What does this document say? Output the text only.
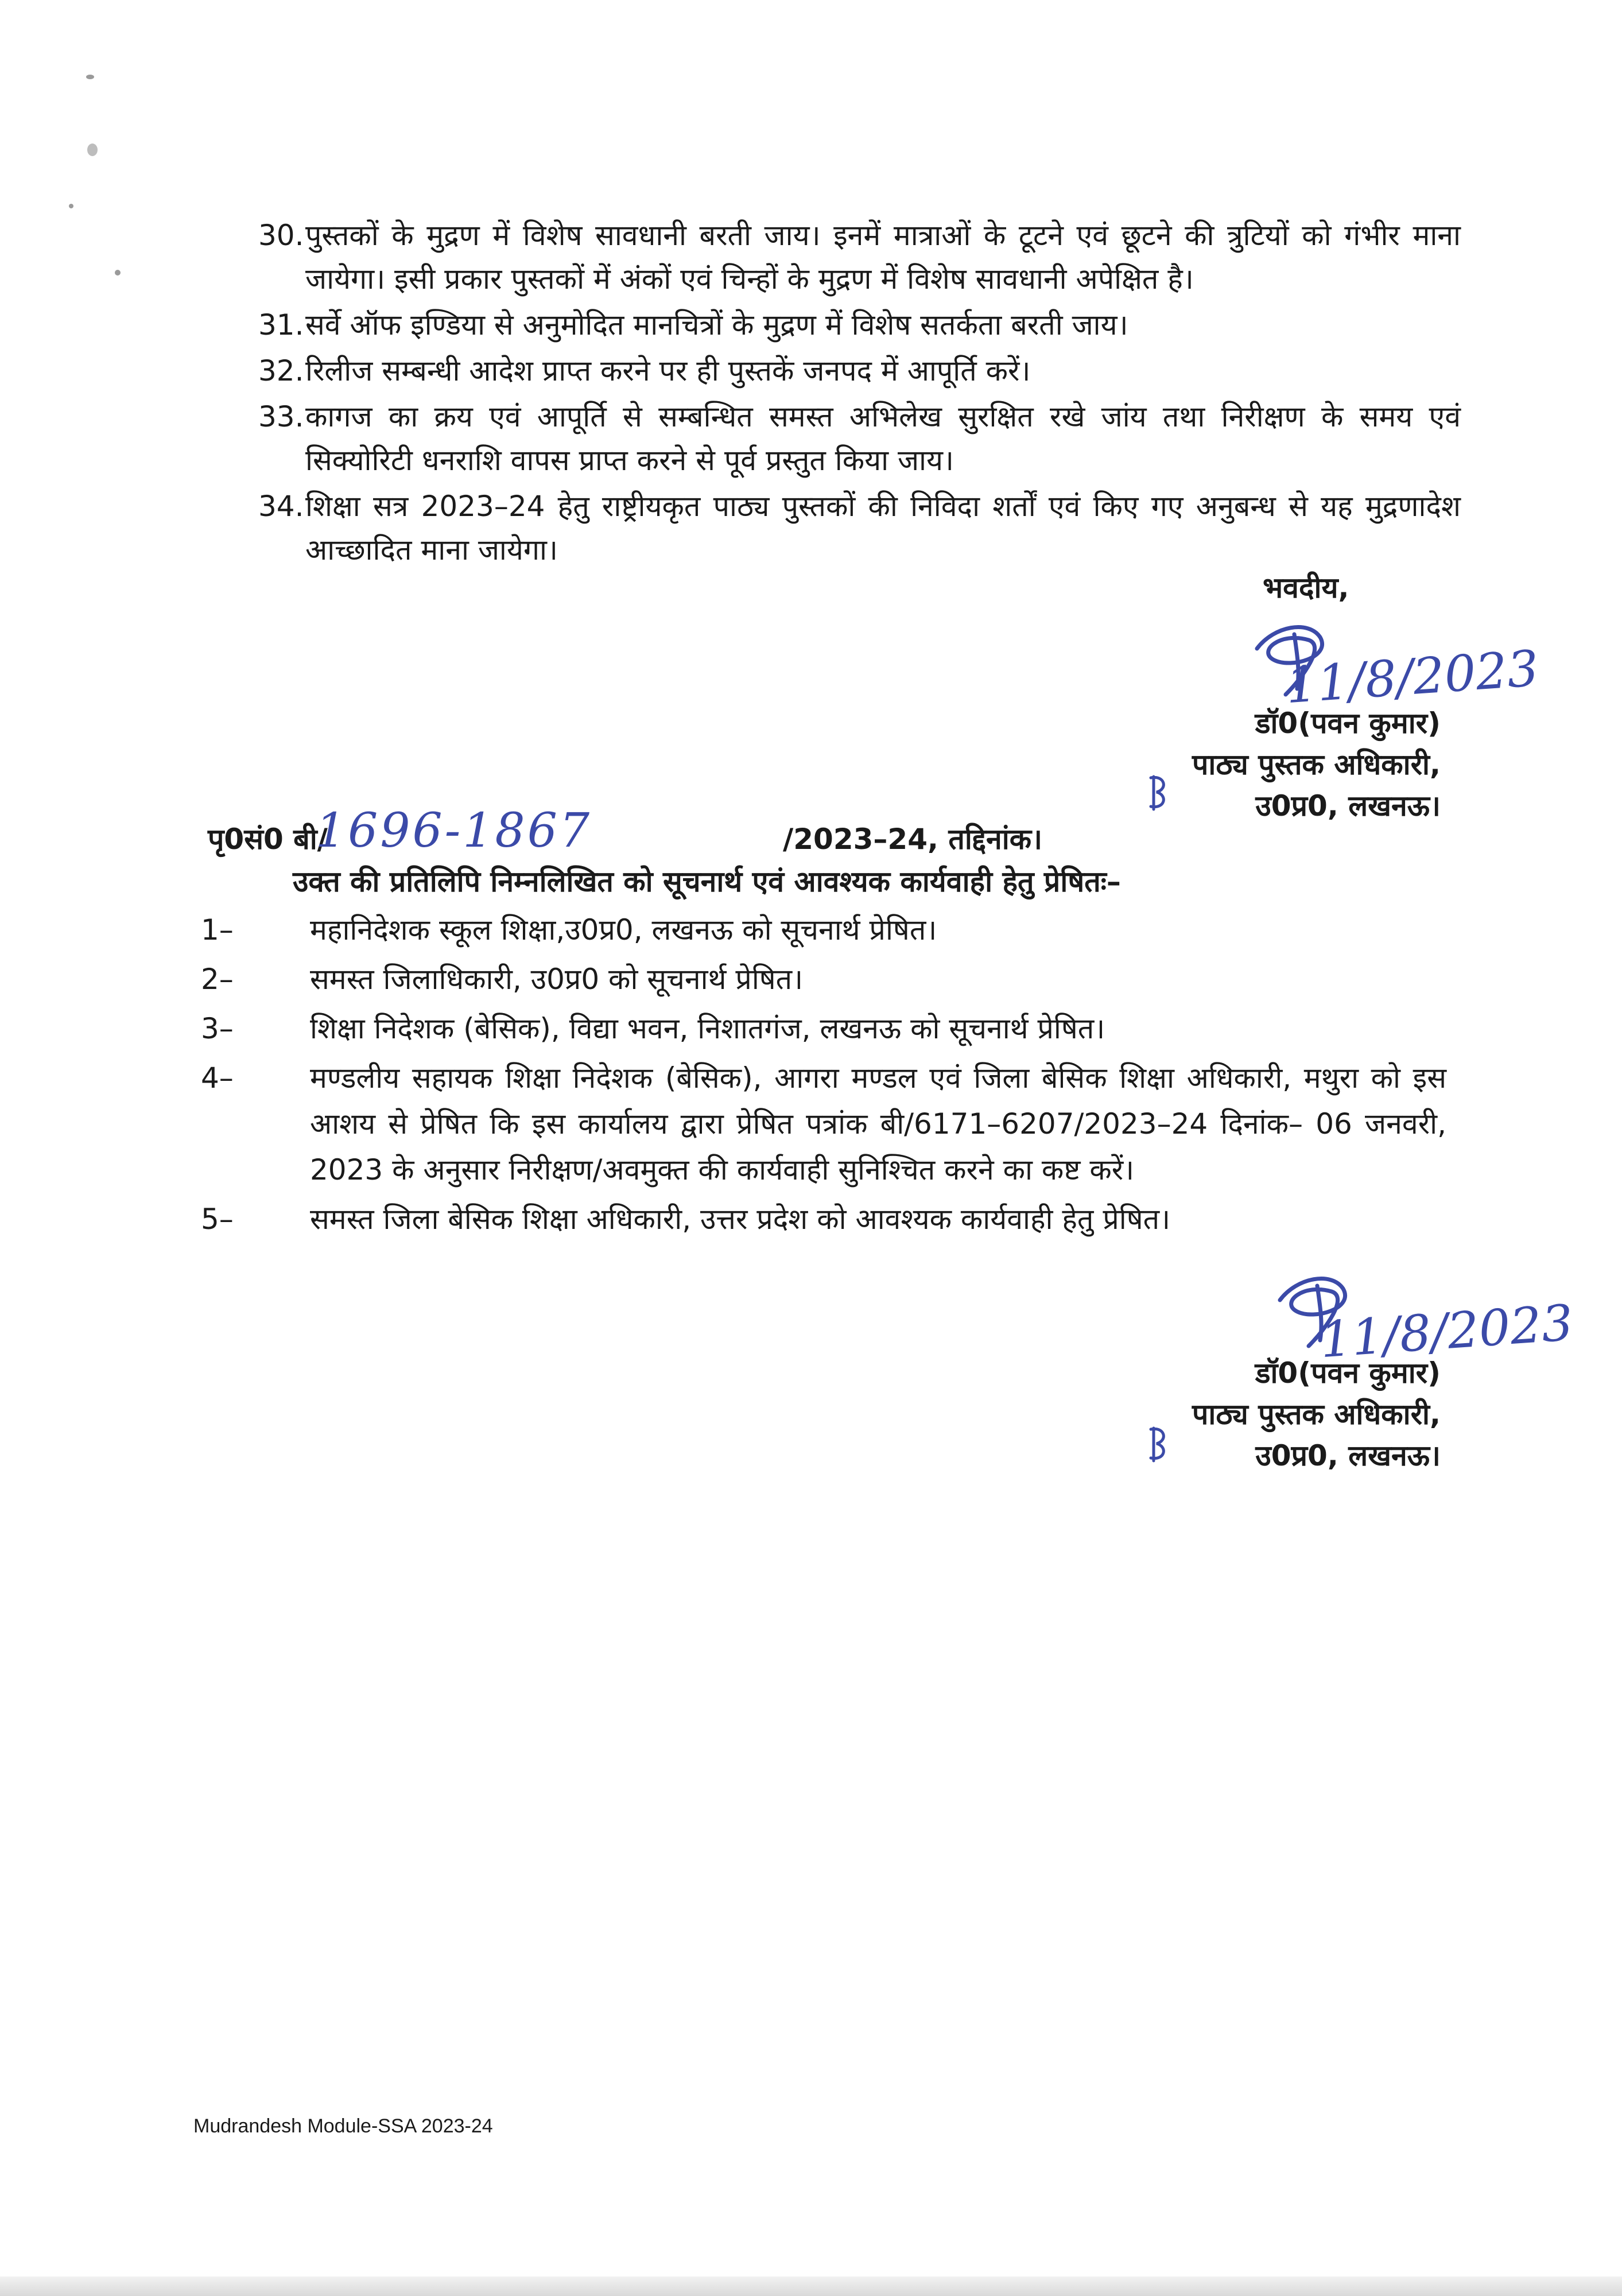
30. पुस्तकों के मुद्रण में विशेष सावधानी बरती जाय। इनमें मात्राओं के टूटने एवं छूटने की त्रुटियों को गंभीर माना जायेगा। इसी प्रकार पुस्तकों में अंकों एवं चिन्हों के मुद्रण में विशेष सावधानी अपेक्षित है।
31. सर्वे ऑफ इण्डिया से अनुमोदित मानचित्रों के मुद्रण में विशेष सतर्कता बरती जाय।
32. रिलीज सम्बन्धी आदेश प्राप्त करने पर ही पुस्तकें जनपद में आपूर्ति करें।
33. कागज का क्रय एवं आपूर्ति से सम्बन्धित समस्त अभिलेख सुरक्षित रखे जांय तथा निरीक्षण के समय एवं सिक्योरिटी धनराशि वापस प्राप्त करने से पूर्व प्रस्तुत किया जाय।
34. शिक्षा सत्र 2023–24 हेतु राष्ट्रीयकृत पाठ्य पुस्तकों की निविदा शर्तों एवं किए गए अनुबन्ध से यह मुद्रणादेश आच्छादित माना जायेगा।
भवदीय,
11/8/2023
डॉ0(पवन कुमार)
पाठ्य पुस्तक अधिकारी,
उ0प्र0, लखनऊ।
पृ0सं0 बी/
1696-1867	/2023–24, तद्दिनांक।
उक्त की प्रतिलिपि निम्नलिखित को सूचनार्थ एवं आवश्यक कार्यवाही हेतु प्रेषितः–
1–	महानिदेशक स्कूल शिक्षा,उ0प्र0, लखनऊ को सूचनार्थ प्रेषित।
2–	समस्त जिलाधिकारी, उ0प्र0 को सूचनार्थ प्रेषित।
3–	शिक्षा निदेशक (बेसिक), विद्या भवन, निशातगंज, लखनऊ को सूचनार्थ प्रेषित।
4–	मण्डलीय सहायक शिक्षा निदेशक (बेसिक), आगरा मण्डल एवं जिला बेसिक शिक्षा अधिकारी, मथुरा को इस आशय से प्रेषित कि इस कार्यालय द्वारा प्रेषित पत्रांक बी/6171–6207/2023–24 दिनांक– 06 जनवरी, 2023 के अनुसार निरीक्षण/अवमुक्त की कार्यवाही सुनिश्चित करने का कष्ट करें।
5–	समस्त जिला बेसिक शिक्षा अधिकारी, उत्तर प्रदेश को आवश्यक कार्यवाही हेतु प्रेषित।
11/8/2023
डॉ0(पवन कुमार)
पाठ्य पुस्तक अधिकारी,
उ0प्र0, लखनऊ।
Mudrandesh Module-SSA 2023-24
